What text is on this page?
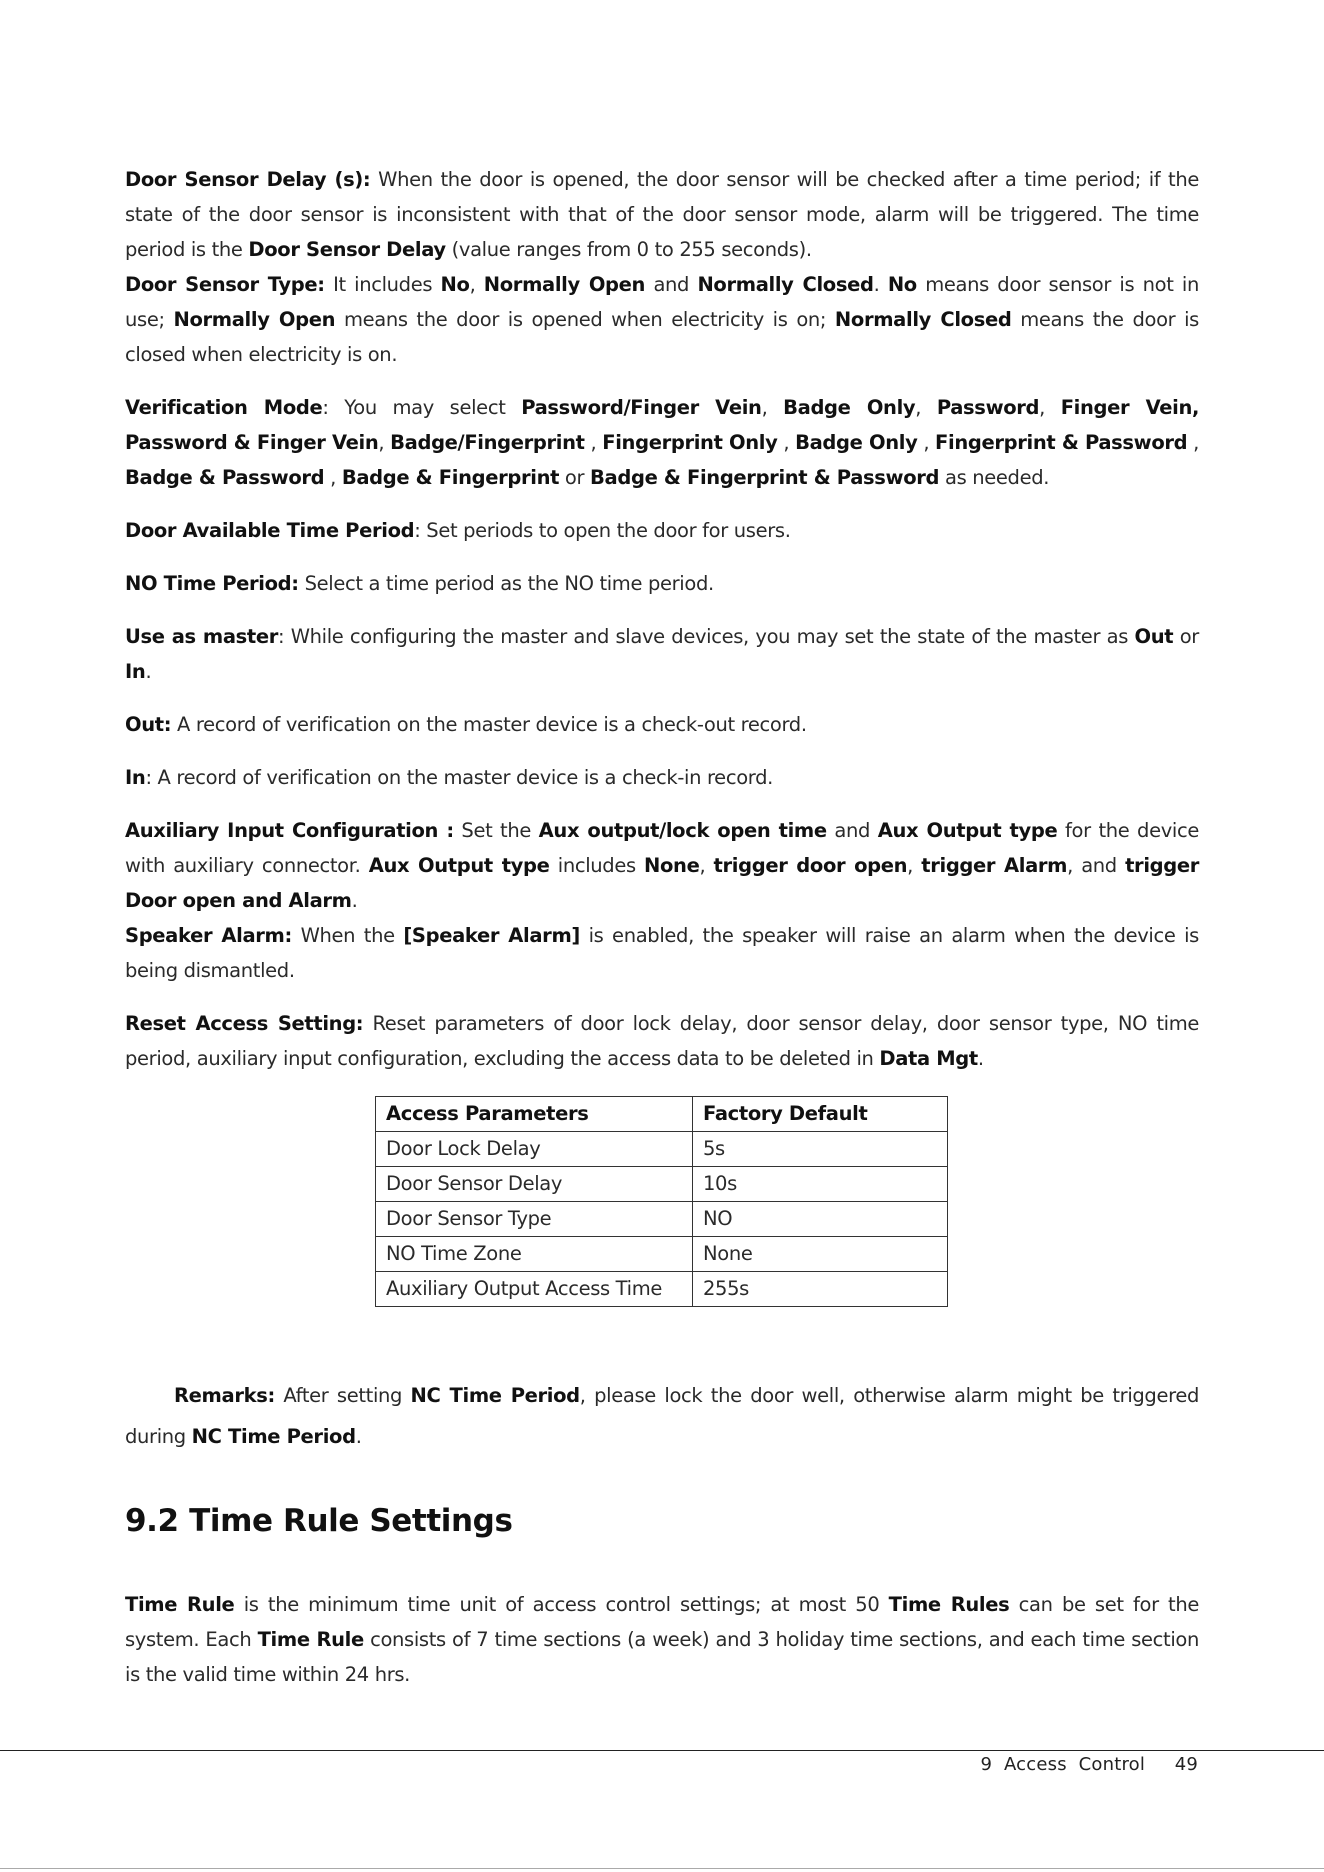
Door Sensor Delay (s): When the door is opened, the door sensor will be checked after a time period; if the state of the door sensor is inconsistent with that of the door sensor mode, alarm will be triggered. The time period is the Door Sensor Delay (value ranges from 0 to 255 seconds).

Door Sensor Type: It includes No, Normally Open and Normally Closed. No means door sensor is not in use; Normally Open means the door is opened when electricity is on; Normally Closed means the door is closed when electricity is on.

Verification Mode: You may select Password/Finger Vein, Badge Only, Password, Finger Vein, Password & Finger Vein, Badge/Fingerprint , Fingerprint Only , Badge Only , Fingerprint & Password , Badge & Password , Badge & Fingerprint or Badge & Fingerprint & Password as needed.

Door Available Time Period: Set periods to open the door for users.

NO Time Period: Select a time period as the NO time period.

Use as master: While configuring the master and slave devices, you may set the state of the master as Out or In.

Out: A record of verification on the master device is a check-out record.

In: A record of verification on the master device is a check-in record.

Auxiliary Input Configuration : Set the Aux output/lock open time and Aux Output type for the device with auxiliary connector. Aux Output type includes None, trigger door open, trigger Alarm, and trigger Door open and Alarm.

Speaker Alarm: When the [Speaker Alarm] is enabled, the speaker will raise an alarm when the device is being dismantled.

Reset Access Setting: Reset parameters of door lock delay, door sensor delay, door sensor type, NO time period, auxiliary input configuration, excluding the access data to be deleted in Data Mgt.

Access Parameters	Factory Default
Door Lock Delay	5s
Door Sensor Delay	10s
Door Sensor Type	NO
NO Time Zone	None
Auxiliary Output Access Time	255s

Remarks: After setting NC Time Period, please lock the door well, otherwise alarm might be triggered during NC Time Period.

9.2 Time Rule Settings

Time Rule is the minimum time unit of access control settings; at most 50 Time Rules can be set for the system. Each Time Rule consists of 7 time sections (a week) and 3 holiday time sections, and each time section is the valid time within 24 hrs.

9  Access  Control 49
